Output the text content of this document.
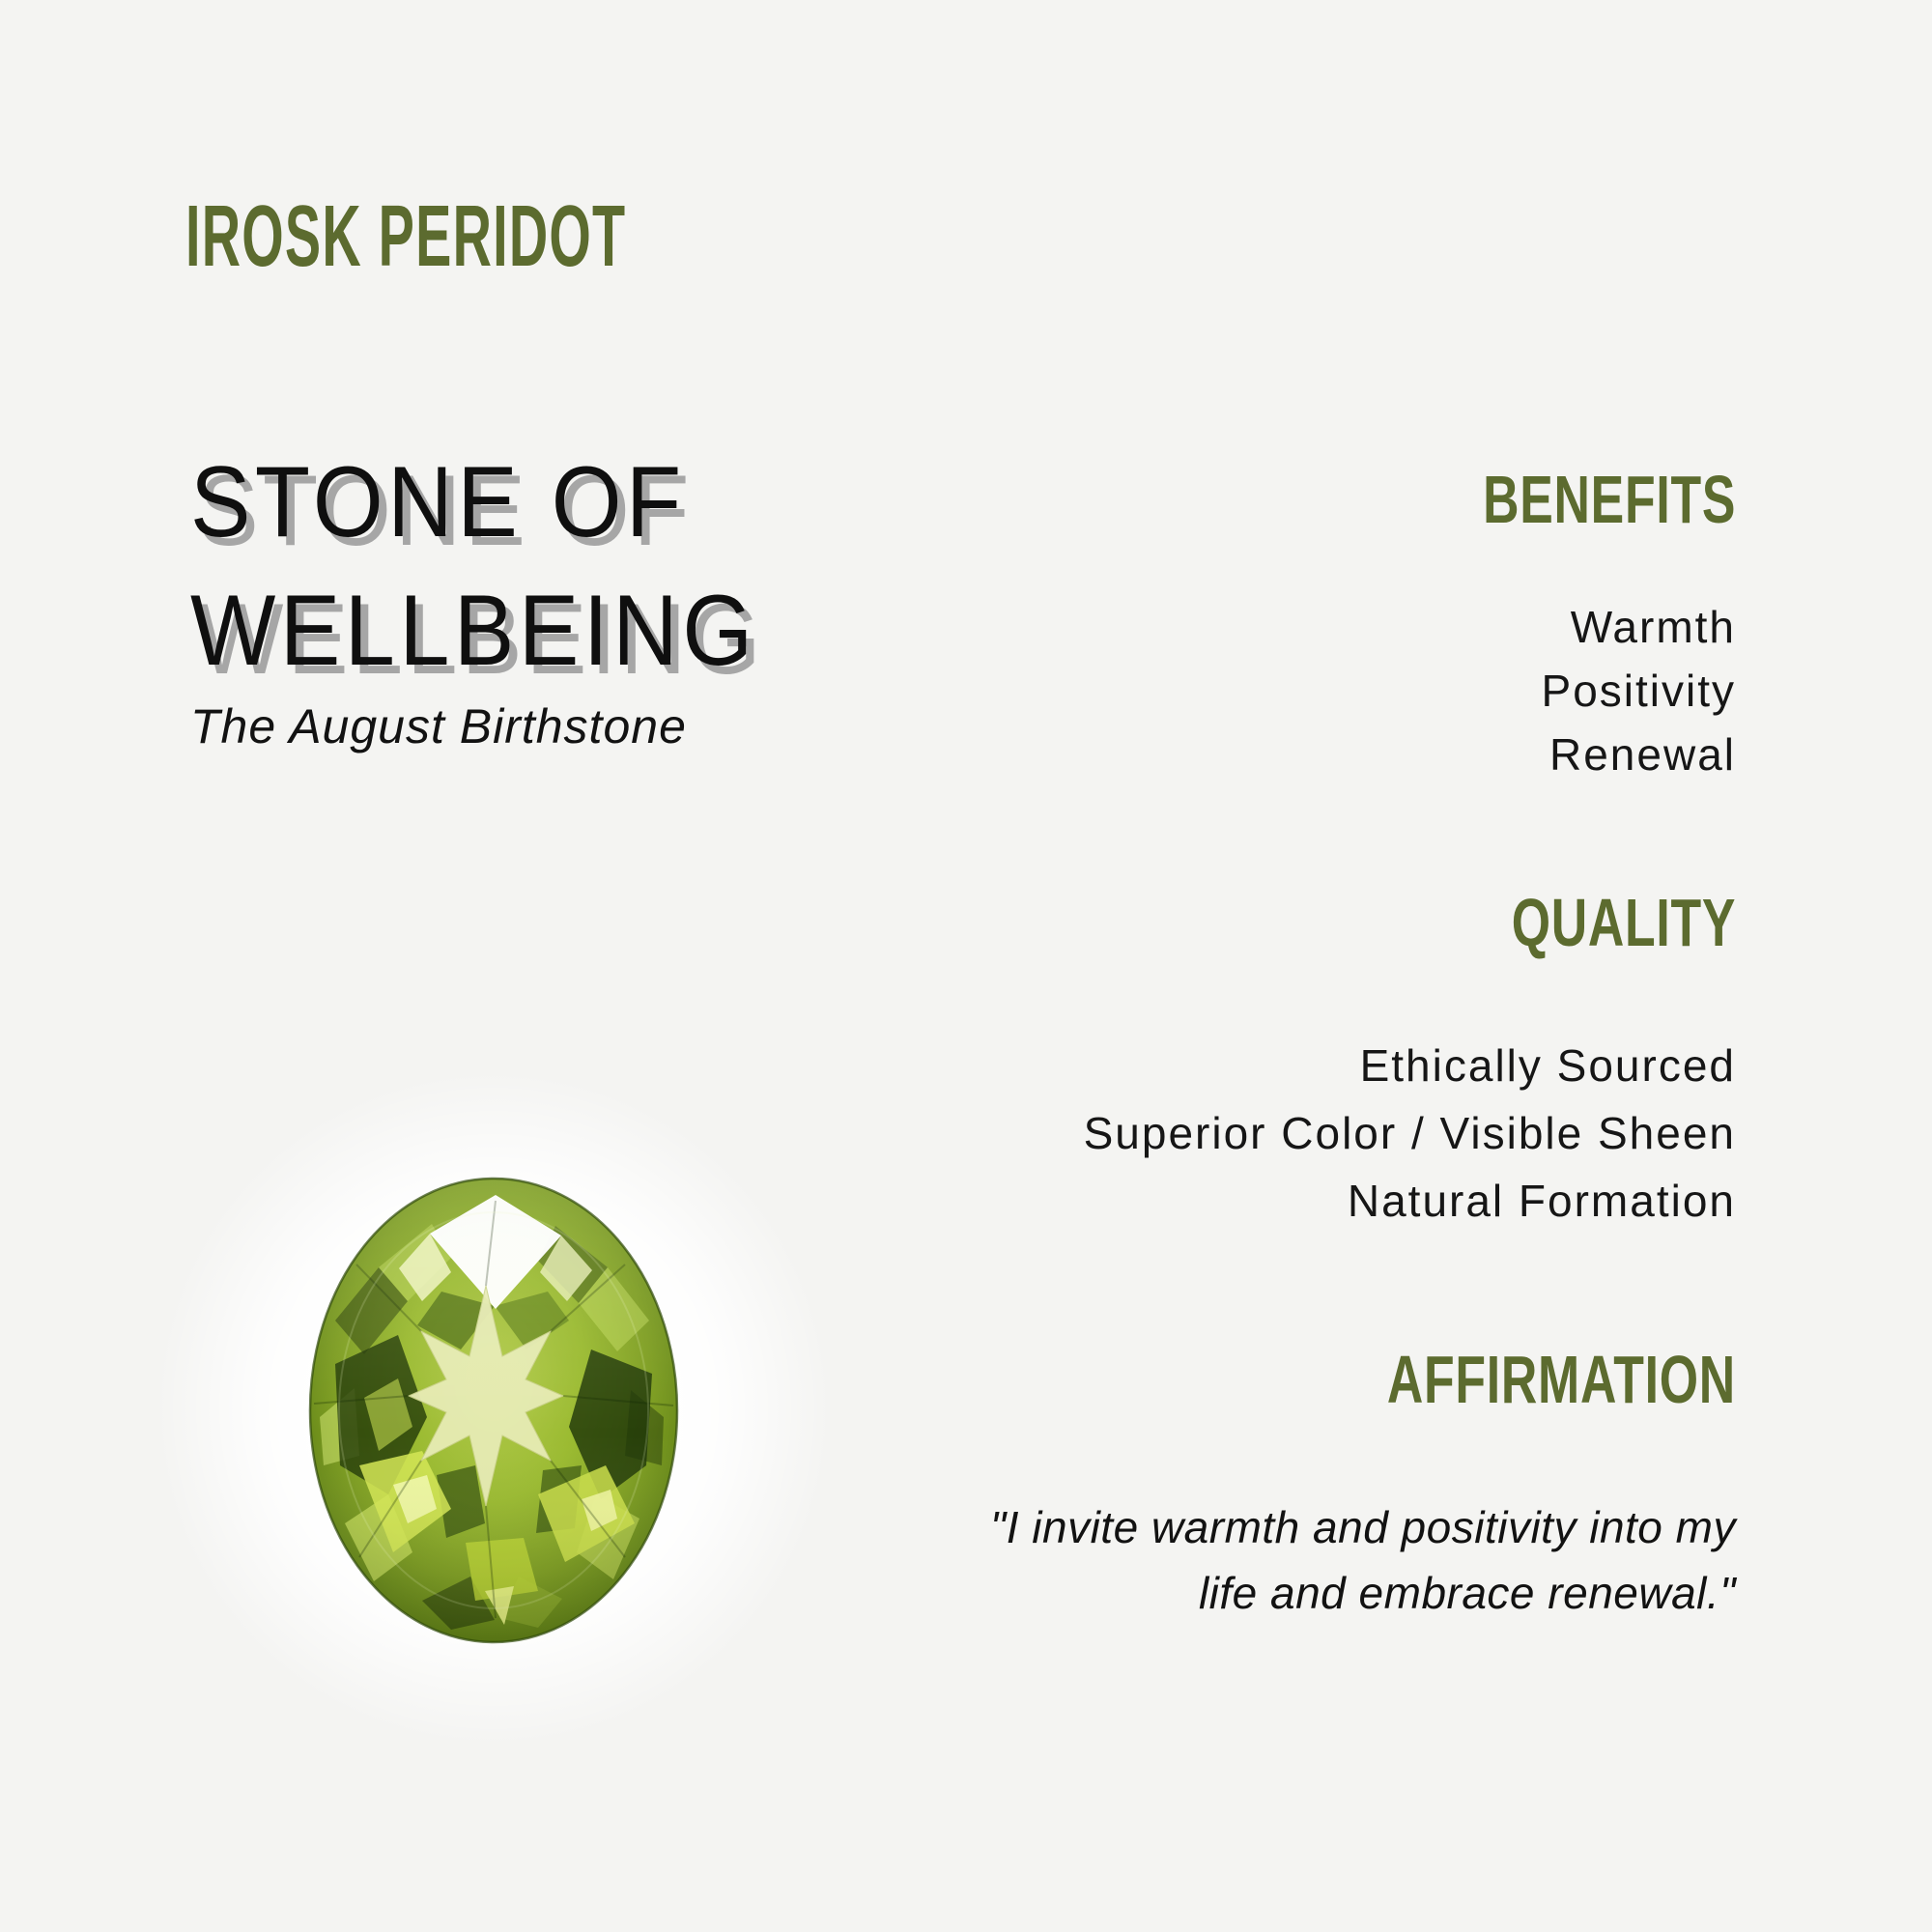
IROSK PERIDOT
STONE OF
WELLBEING
The August Birthstone
BENEFITS
Warmth
Positivity
Renewal
QUALITY
Ethically Sourced
Superior Color / Visible Sheen
Natural Formation
AFFIRMATION
"I invite warmth and positivity into my
life and embrace renewal."
